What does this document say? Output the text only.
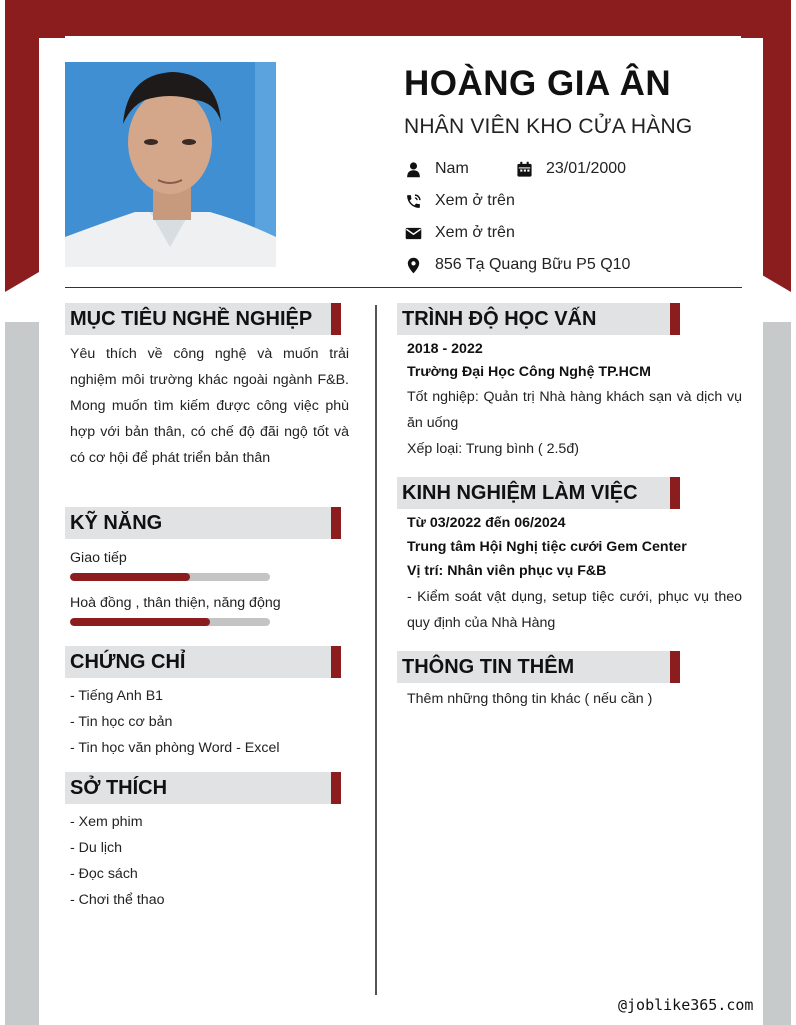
HOÀNG GIA ÂN
NHÂN VIÊN KHO CỬA HÀNG
Nam	23/01/2000
Xem ở trên
Xem ở trên
856 Tạ Quang Bữu P5 Q10
MỤC TIÊU NGHỀ NGHIỆP
Yêu thích về công nghệ và muốn trải nghiệm môi trường khác ngoài ngành F&B. Mong muốn tìm kiếm được công việc phù hợp với bản thân, có chế độ đãi ngộ tốt và có cơ hội để phát triển bản thân
KỸ NĂNG
Giao tiếp
Hoà đồng , thân thiện, năng động
CHỨNG CHỈ
- Tiếng Anh B1
- Tin học cơ bản
- Tin học văn phòng Word - Excel
SỞ THÍCH
- Xem phim
- Du lịch
- Đọc sách
- Chơi thể thao
TRÌNH ĐỘ HỌC VẤN
2018 - 2022
Trường Đại Học Công Nghệ TP.HCM
Tốt nghiệp: Quản trị Nhà hàng khách sạn và dịch vụ ăn uống
Xếp loại: Trung bình ( 2.5đ)
KINH NGHIỆM LÀM VIỆC
Từ 03/2022 đến 06/2024
Trung tâm Hội Nghị tiệc cưới Gem Center
Vị trí: Nhân viên phục vụ F&B
- Kiểm soát vật dụng, setup tiệc cưới, phục vụ theo quy định của Nhà Hàng
THÔNG TIN THÊM
Thêm những thông tin khác ( nếu cần )
@joblike365.com
